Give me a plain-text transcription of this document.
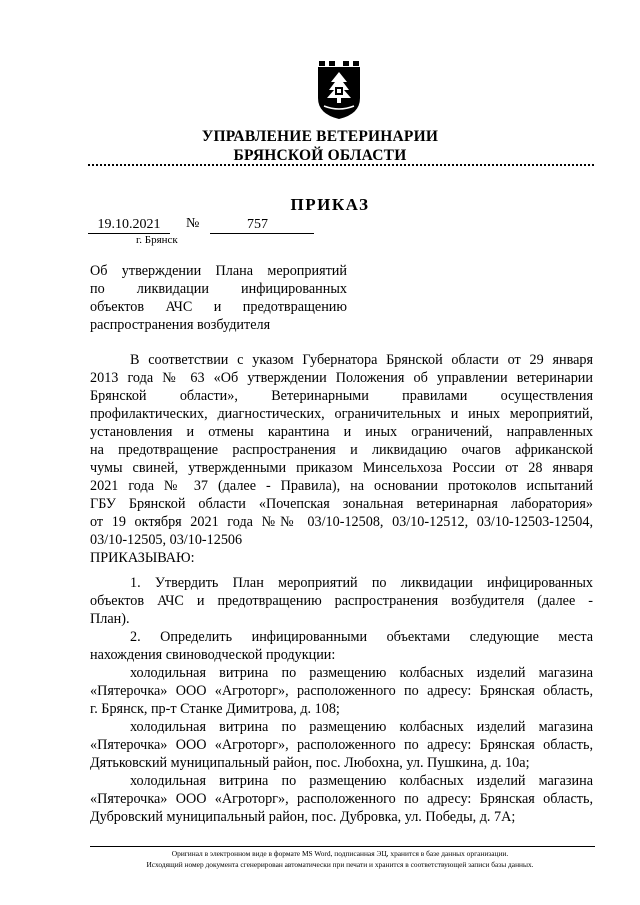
УПРАВЛЕНИЕ ВЕТЕРИНАРИИ
БРЯНСКОЙ ОБЛАСТИ
ПРИКАЗ
19.10.2021	№	757
г. Брянск
Об утверждении Плана мероприятий
по ликвидации инфицированных
объектов АЧС и предотвращению
распространения возбудителя
В соответствии с указом Губернатора Брянской области от 29 января
2013 года № 63 «Об утверждении Положения об управлении ветеринарии
Брянской области», Ветеринарными правилами осуществления
профилактических, диагностических, ограничительных и иных мероприятий,
установления и отмены карантина и иных ограничений, направленных
на предотвращение распространения и ликвидацию очагов африканской
чумы свиней, утвержденными приказом Минсельхоза России от 28 января
2021 года № 37 (далее - Правила), на основании протоколов испытаний
ГБУ Брянской области «Почепская зональная ветеринарная лаборатория»
от 19 октября 2021 года №№ 03/10-12508, 03/10-12512, 03/10-12503-12504,
03/10-12505, 03/10-12506
ПРИКАЗЫВАЮ:
1. Утвердить План мероприятий по ликвидации инфицированных
объектов АЧС и предотвращению распространения возбудителя (далее -
План).
2. Определить инфицированными объектами следующие места
нахождения свиноводческой продукции:
холодильная витрина по размещению колбасных изделий магазина
«Пятерочка» ООО «Агроторг», расположенного по адресу: Брянская область,
г. Брянск, пр-т Станке Димитрова, д. 108;
холодильная витрина по размещению колбасных изделий магазина
«Пятерочка» ООО «Агроторг», расположенного по адресу: Брянская область,
Дятьковский муниципальный район, пос. Любохна, ул. Пушкина, д. 10а;
холодильная витрина по размещению колбасных изделий магазина
«Пятерочка» ООО «Агроторг», расположенного по адресу: Брянская область,
Дубровский муниципальный район, пос. Дубровка, ул. Победы, д. 7А;
Оригинал в электронном виде в формате MS Word, подписанная ЭЦ, хранится в базе данных организации.
Исходящий номер документа сгенерирован автоматически при печати и хранится в соответствующей записи базы данных.
